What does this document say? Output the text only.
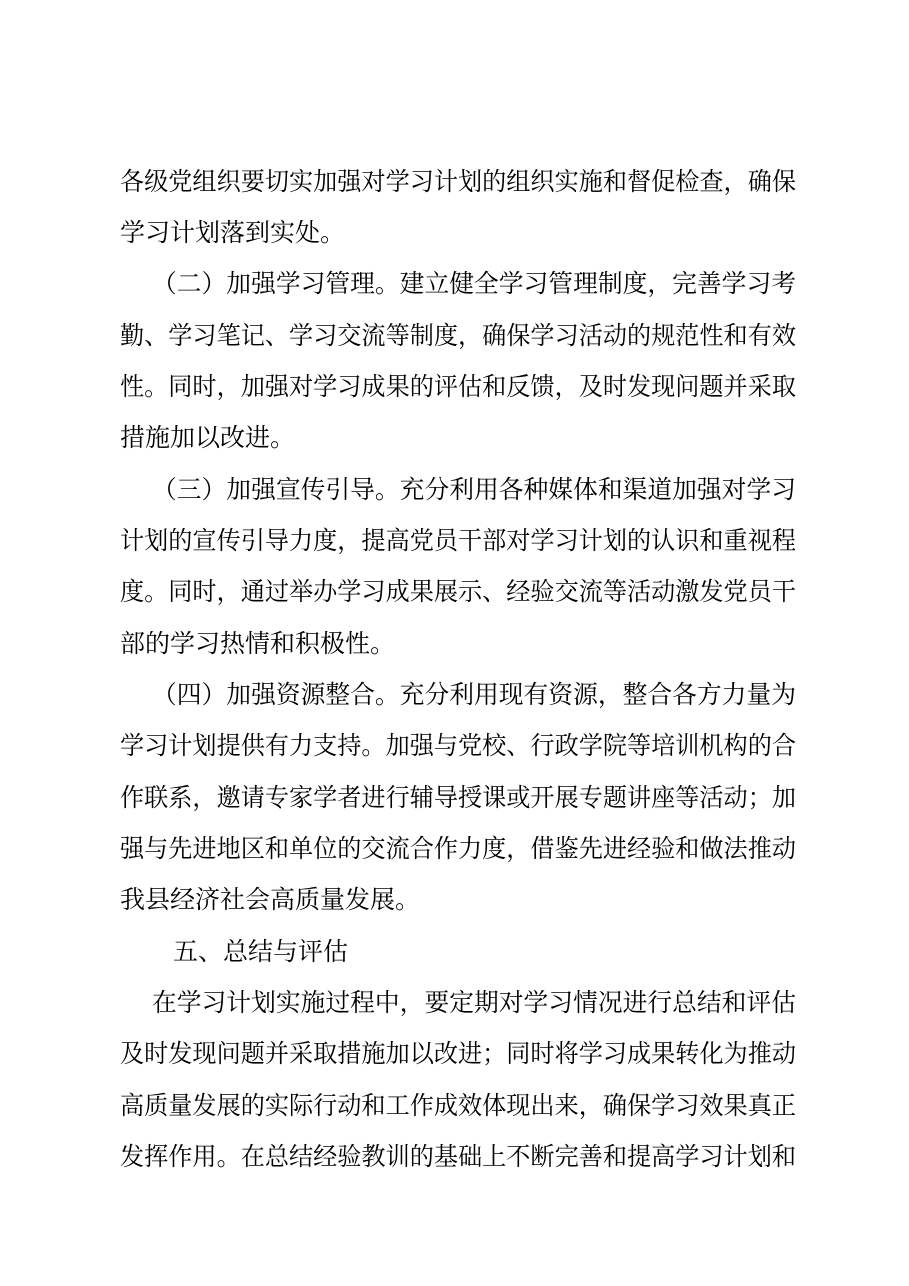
各级党组织要切实加强对学习计划的组织实施和督促检查，确保

学习计划落到实处。

（二）加强学习管理。建立健全学习管理制度，完善学习考

勤、学习笔记、学习交流等制度，确保学习活动的规范性和有效

性。同时，加强对学习成果的评估和反馈，及时发现问题并采取

措施加以改进。

（三）加强宣传引导。充分利用各种媒体和渠道加强对学习

计划的宣传引导力度，提高党员干部对学习计划的认识和重视程

度。同时，通过举办学习成果展示、经验交流等活动激发党员干

部的学习热情和积极性。

（四）加强资源整合。充分利用现有资源，整合各方力量为

学习计划提供有力支持。加强与党校、行政学院等培训机构的合

作联系，邀请专家学者进行辅导授课或开展专题讲座等活动；加

强与先进地区和单位的交流合作力度，借鉴先进经验和做法推动

我县经济社会高质量发展。

五、总结与评估

在学习计划实施过程中，要定期对学习情况进行总结和评估

及时发现问题并采取措施加以改进；同时将学习成果转化为推动

高质量发展的实际行动和工作成效体现出来，确保学习效果真正

发挥作用。在总结经验教训的基础上不断完善和提高学习计划和
